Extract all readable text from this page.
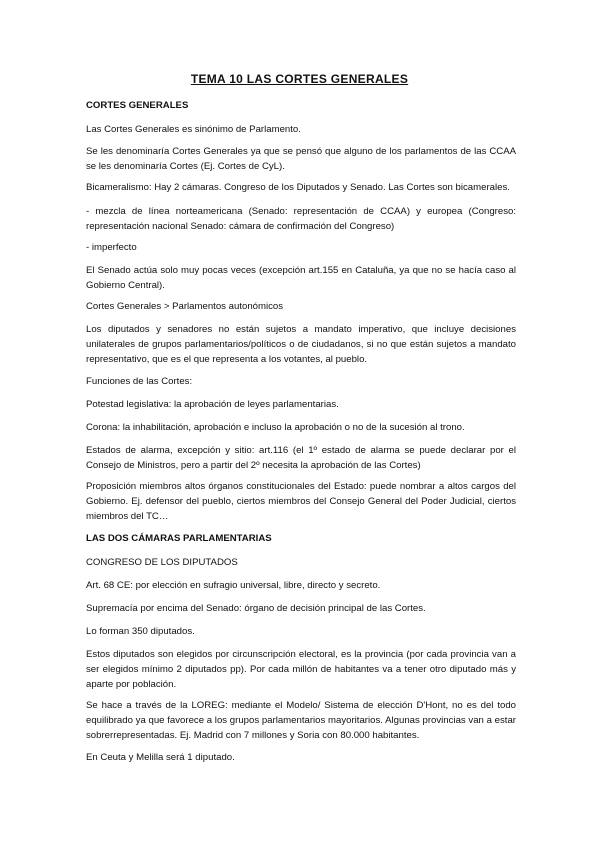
TEMA 10 LAS CORTES GENERALES

CORTES GENERALES

Las Cortes Generales es sinónimo de Parlamento.

Se les denominaría Cortes Generales ya que se pensó que alguno de los parlamentos de las CCAA se les denominaría Cortes (Ej. Cortes de CyL).

Bicameralismo: Hay 2 cámaras. Congreso de los Diputados y Senado. Las Cortes son bicamerales.

- mezcla de línea norteamericana (Senado: representación de CCAA) y europea (Congreso: representación nacional Senado: cámara de confirmación del Congreso)

- imperfecto

El Senado actúa solo muy pocas veces (excepción art.155 en Cataluña, ya que no se hacía caso al Gobierno Central).

Cortes Generales > Parlamentos autonómicos

Los diputados y senadores no están sujetos a mandato imperativo, que incluye decisiones unilaterales de grupos parlamentarios/políticos o de ciudadanos, si no que están sujetos a mandato representativo, que es el que representa a los votantes, al pueblo.

Funciones de las Cortes:

Potestad legislativa: la aprobación de leyes parlamentarias.

Corona: la inhabilitación, aprobación e incluso la aprobación o no de la sucesión al trono.

Estados de alarma, excepción y sitio: art.116 (el 1º estado de alarma se puede declarar por el Consejo de Ministros, pero a partir del 2º necesita la aprobación de las Cortes)

Proposición miembros altos órganos constitucionales del Estado: puede nombrar a altos cargos del Gobierno. Ej. defensor del pueblo, ciertos miembros del Consejo General del Poder Judicial, ciertos miembros del TC…

LAS DOS CÁMARAS PARLAMENTARIAS

CONGRESO DE LOS DIPUTADOS

Art. 68 CE: por elección en sufragio universal, libre, directo y secreto.

Supremacía por encima del Senado: órgano de decisión principal de las Cortes.

Lo forman 350 diputados.

Estos diputados son elegidos por circunscripción electoral, es la provincia (por cada provincia van a ser elegidos mínimo 2 diputados pp). Por cada millón de habitantes va a tener otro diputado más y aparte por población.

Se hace a través de la LOREG: mediante el Modelo/ Sistema de elección D'Hont, no es del todo equilibrado ya que favorece a los grupos parlamentarios mayoritarios. Algunas provincias van a estar sobrerrepresentadas. Ej. Madrid con 7 millones y Soria con 80.000 habitantes.

En Ceuta y Melilla será 1 diputado.
